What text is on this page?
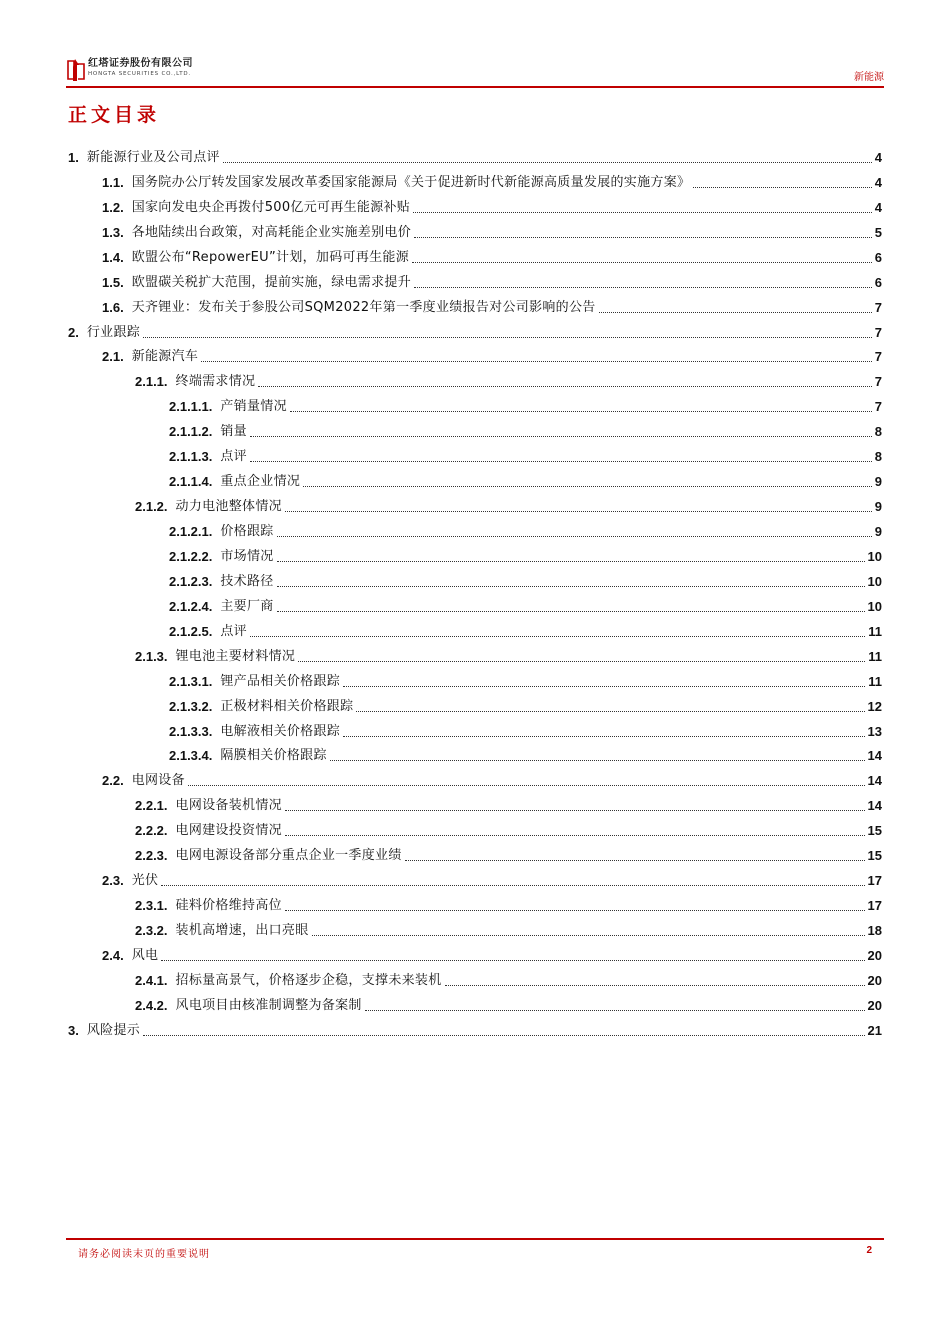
红塔证券股份有限公司
HONGTA SECURITIES CO.,LTD.	新能源
正文目录
1. 新能源行业及公司点评	4
1.1. 国务院办公厅转发国家发展改革委国家能源局《关于促进新时代新能源高质量发展的实施方案》	4
1.2. 国家向发电央企再拨付500亿元可再生能源补贴	4
1.3. 各地陆续出台政策，对高耗能企业实施差别电价	5
1.4. 欧盟公布“RepowerEU”计划，加码可再生能源	6
1.5. 欧盟碳关税扩大范围，提前实施，绿电需求提升	6
1.6. 天齐锂业：发布关于参股公司SQM2022年第一季度业绩报告对公司影响的公告	7
2. 行业跟踪	7
2.1. 新能源汽车	7
2.1.1. 终端需求情况	7
2.1.1.1. 产销量情况	7
2.1.1.2. 销量	8
2.1.1.3. 点评	8
2.1.1.4. 重点企业情况	9
2.1.2. 动力电池整体情况	9
2.1.2.1. 价格跟踪	9
2.1.2.2. 市场情况	10
2.1.2.3. 技术路径	10
2.1.2.4. 主要厂商	10
2.1.2.5. 点评	11
2.1.3. 锂电池主要材料情况	11
2.1.3.1. 锂产品相关价格跟踪	11
2.1.3.2. 正极材料相关价格跟踪	12
2.1.3.3. 电解液相关价格跟踪	13
2.1.3.4. 隔膜相关价格跟踪	14
2.2. 电网设备	14
2.2.1. 电网设备装机情况	14
2.2.2. 电网建设投资情况	15
2.2.3. 电网电源设备部分重点企业一季度业绩	15
2.3. 光伏	17
2.3.1. 硅料价格维持高位	17
2.3.2. 装机高增速，出口亮眼	18
2.4. 风电	20
2.4.1. 招标量高景气，价格逐步企稳，支撑未来装机	20
2.4.2. 风电项目由核准制调整为备案制	20
3. 风险提示	21
请务必阅读末页的重要说明	2
